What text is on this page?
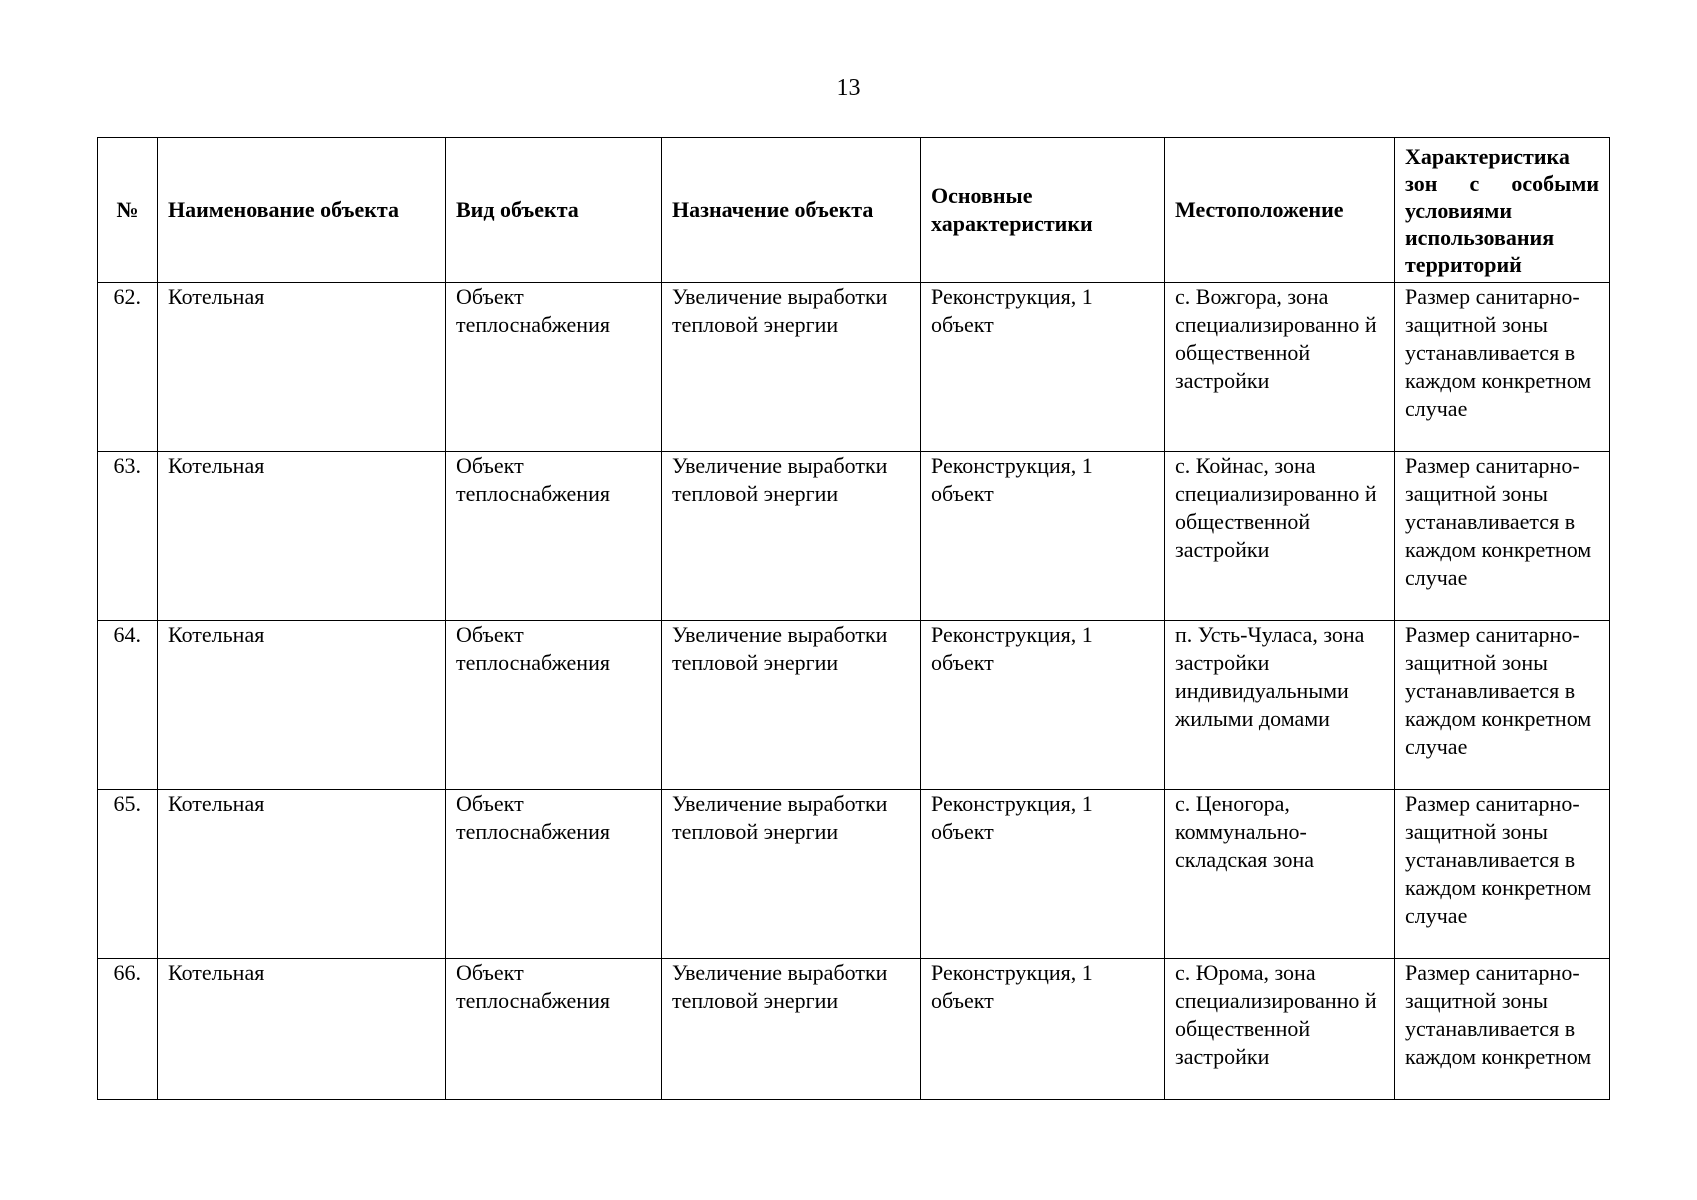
13
№	Наименование объекта	Вид объекта	Назначение объекта	Основные характеристики	Местоположение	Характеристика
зон с особыми
условиями
использования
территорий

62.	Котельная	Объект теплоснабжения	Увеличение выработки тепловой энергии	Реконструкция, 1 объект	с. Вожгора, зона специализированно й общественной застройки	Размер санитарно-защитной зоны устанавливается в каждом конкретном случае
63.	Котельная	Объект теплоснабжения	Увеличение выработки тепловой энергии	Реконструкция, 1 объект	с. Койнас, зона специализированно й общественной застройки	Размер санитарно-защитной зоны устанавливается в каждом конкретном случае
64.	Котельная	Объект теплоснабжения	Увеличение выработки тепловой энергии	Реконструкция, 1 объект	п. Усть-Чуласа, зона застройки индивидуальными жилыми домами	Размер санитарно-защитной зоны устанавливается в каждом конкретном случае
65.	Котельная	Объект теплоснабжения	Увеличение выработки тепловой энергии	Реконструкция, 1 объект	с. Ценогора, коммунально-складская зона	Размер санитарно-защитной зоны устанавливается в каждом конкретном случае
66.	Котельная	Объект теплоснабжения	Увеличение выработки тепловой энергии	Реконструкция, 1 объект	с. Юрома, зона специализированно й общественной застройки	Размер санитарно-защитной зоны устанавливается в каждом конкретном
